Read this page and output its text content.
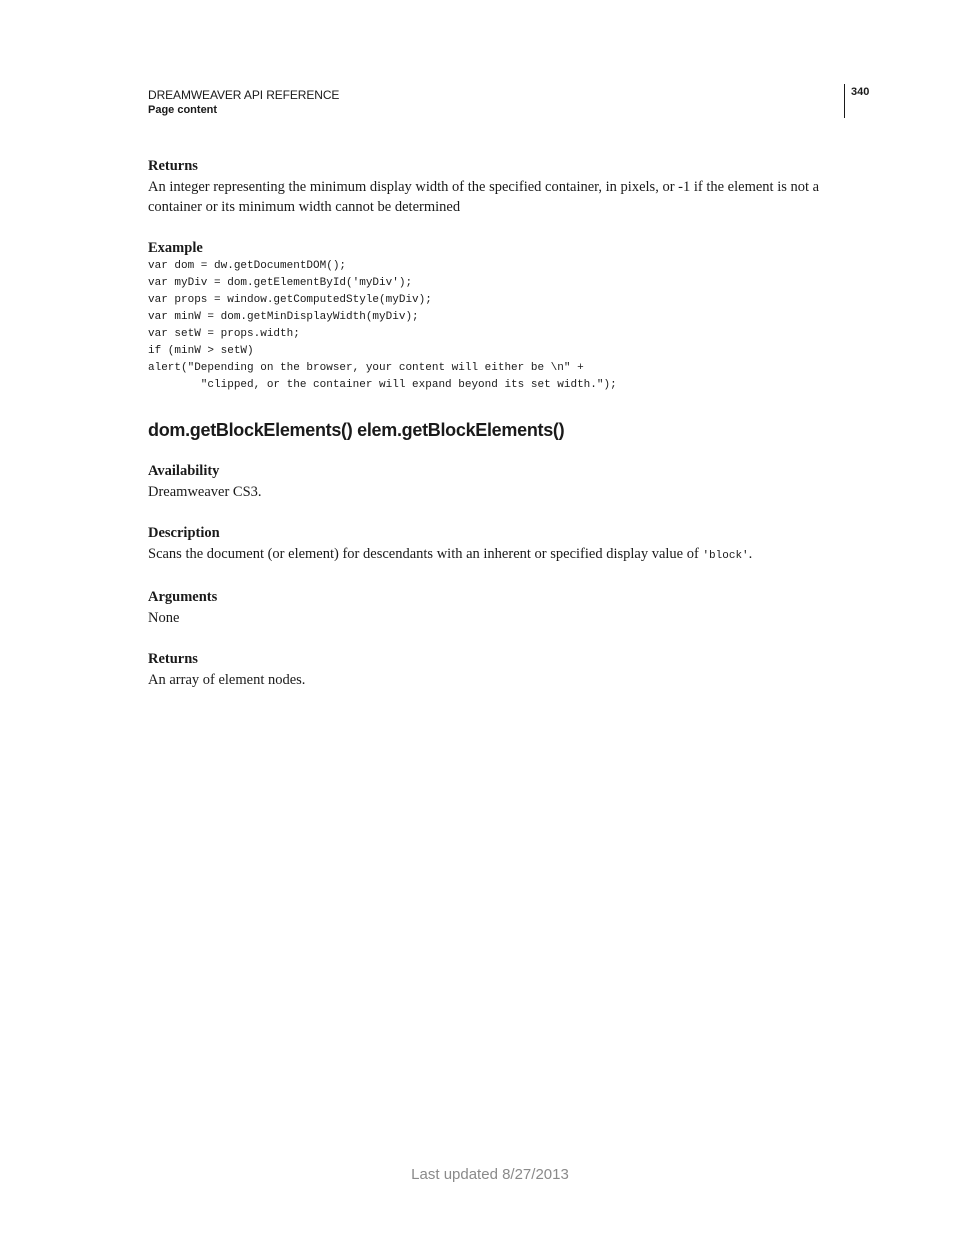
DREAMWEAVER API REFERENCE
Page content
340

Returns

An integer representing the minimum display width of the specified container, in pixels, or -1 if the element is not a container or its minimum width cannot be determined

Example

var dom = dw.getDocumentDOM();
var myDiv = dom.getElementById('myDiv');
var props = window.getComputedStyle(myDiv);
var minW = dom.getMinDisplayWidth(myDiv);
var setW = props.width;
if (minW > setW)
alert("Depending on the browser, your content will either be \n" +
"clipped, or the container will expand beyond its set width.");
dom.getBlockElements() elem.getBlockElements()

Availability

Dreamweaver CS3.

Description

Scans the document (or element) for descendants with an inherent or specified display value of 'block'.

Arguments

None

Returns

An array of element nodes.

Last updated 8/27/2013
